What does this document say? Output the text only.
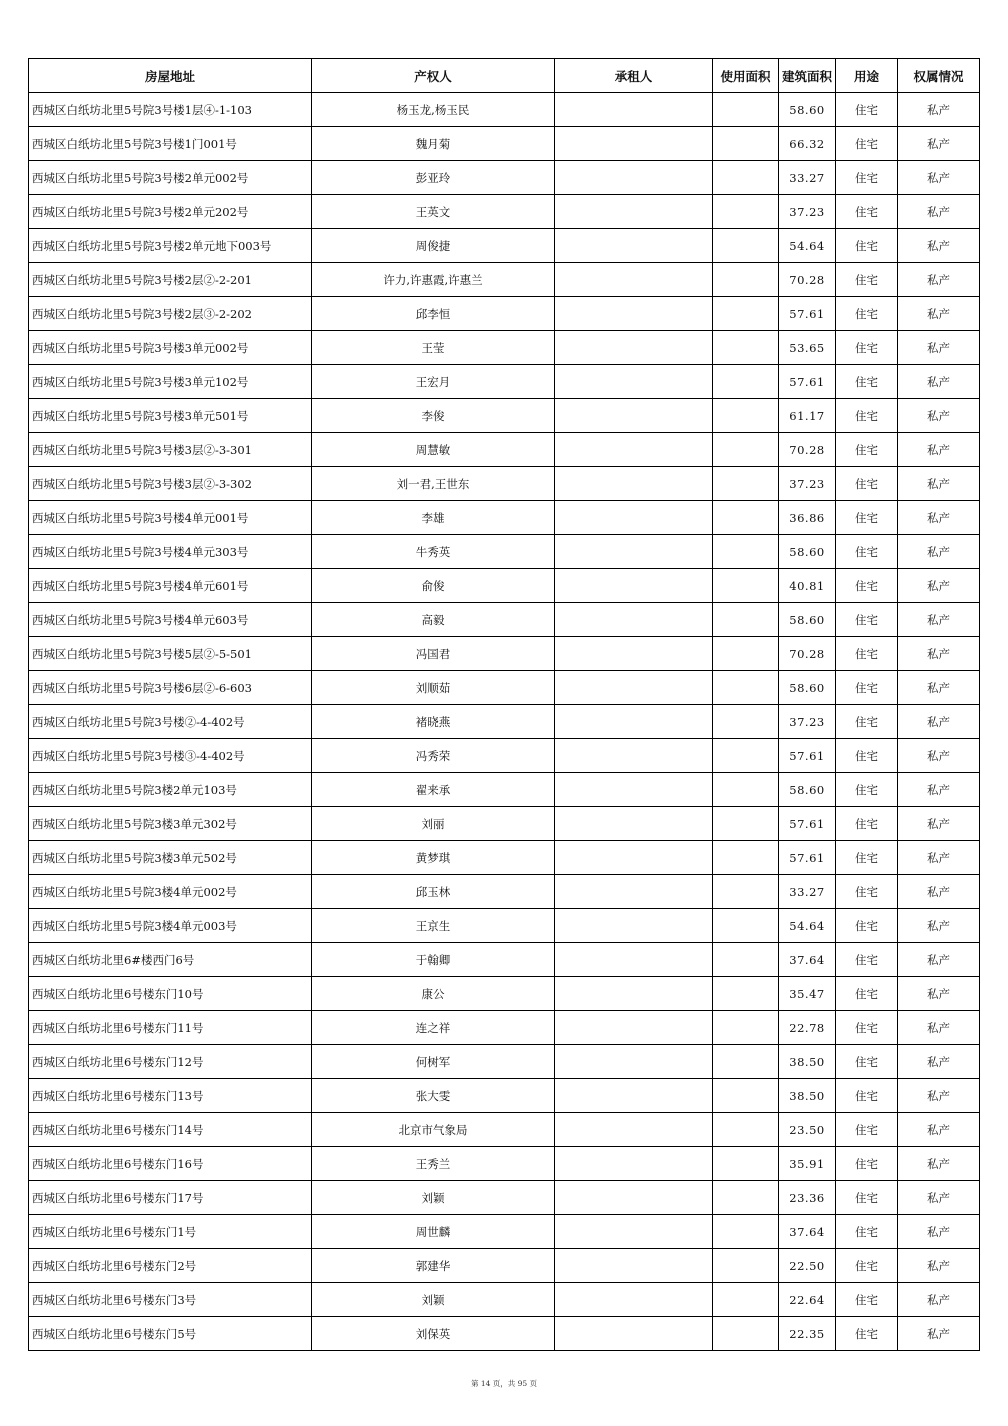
房屋地址	产权人	承租人	使用面积	建筑面积	用途	权属情况
西城区白纸坊北里5号院3号楼1层④-1-103	杨玉龙,杨玉民			58.60	住宅	私产
西城区白纸坊北里5号院3号楼1门001号	魏月菊			66.32	住宅	私产
西城区白纸坊北里5号院3号楼2单元002号	彭亚玲			33.27	住宅	私产
西城区白纸坊北里5号院3号楼2单元202号	王英文			37.23	住宅	私产
西城区白纸坊北里5号院3号楼2单元地下003号	周俊捷			54.64	住宅	私产
西城区白纸坊北里5号院3号楼2层②-2-201	许力,许惠霞,许惠兰			70.28	住宅	私产
西城区白纸坊北里5号院3号楼2层③-2-202	邱李恒			57.61	住宅	私产
西城区白纸坊北里5号院3号楼3单元002号	王莹			53.65	住宅	私产
西城区白纸坊北里5号院3号楼3单元102号	王宏月			57.61	住宅	私产
西城区白纸坊北里5号院3号楼3单元501号	李俊			61.17	住宅	私产
西城区白纸坊北里5号院3号楼3层②-3-301	周慧敏			70.28	住宅	私产
西城区白纸坊北里5号院3号楼3层②-3-302	刘一君,王世东			37.23	住宅	私产
西城区白纸坊北里5号院3号楼4单元001号	李雄			36.86	住宅	私产
西城区白纸坊北里5号院3号楼4单元303号	牛秀英			58.60	住宅	私产
西城区白纸坊北里5号院3号楼4单元601号	俞俊			40.81	住宅	私产
西城区白纸坊北里5号院3号楼4单元603号	高毅			58.60	住宅	私产
西城区白纸坊北里5号院3号楼5层②-5-501	冯国君			70.28	住宅	私产
西城区白纸坊北里5号院3号楼6层②-6-603	刘顺茹			58.60	住宅	私产
西城区白纸坊北里5号院3号楼②-4-402号	褚晓燕			37.23	住宅	私产
西城区白纸坊北里5号院3号楼③-4-402号	冯秀荣			57.61	住宅	私产
西城区白纸坊北里5号院3楼2单元103号	翟来承			58.60	住宅	私产
西城区白纸坊北里5号院3楼3单元302号	刘丽			57.61	住宅	私产
西城区白纸坊北里5号院3楼3单元502号	黄梦琪			57.61	住宅	私产
西城区白纸坊北里5号院3楼4单元002号	邱玉林			33.27	住宅	私产
西城区白纸坊北里5号院3楼4单元003号	王京生			54.64	住宅	私产
西城区白纸坊北里6#楼西门6号	于翰卿			37.64	住宅	私产
西城区白纸坊北里6号楼东门10号	康公			35.47	住宅	私产
西城区白纸坊北里6号楼东门11号	连之祥			22.78	住宅	私产
西城区白纸坊北里6号楼东门12号	何树军			38.50	住宅	私产
西城区白纸坊北里6号楼东门13号	张大雯			38.50	住宅	私产
西城区白纸坊北里6号楼东门14号	北京市气象局			23.50	住宅	私产
西城区白纸坊北里6号楼东门16号	王秀兰			35.91	住宅	私产
西城区白纸坊北里6号楼东门17号	刘颖			23.36	住宅	私产
西城区白纸坊北里6号楼东门1号	周世麟			37.64	住宅	私产
西城区白纸坊北里6号楼东门2号	郭建华			22.50	住宅	私产
西城区白纸坊北里6号楼东门3号	刘颖			22.64	住宅	私产
西城区白纸坊北里6号楼东门5号	刘保英			22.35	住宅	私产
第 14 页，共 95 页
